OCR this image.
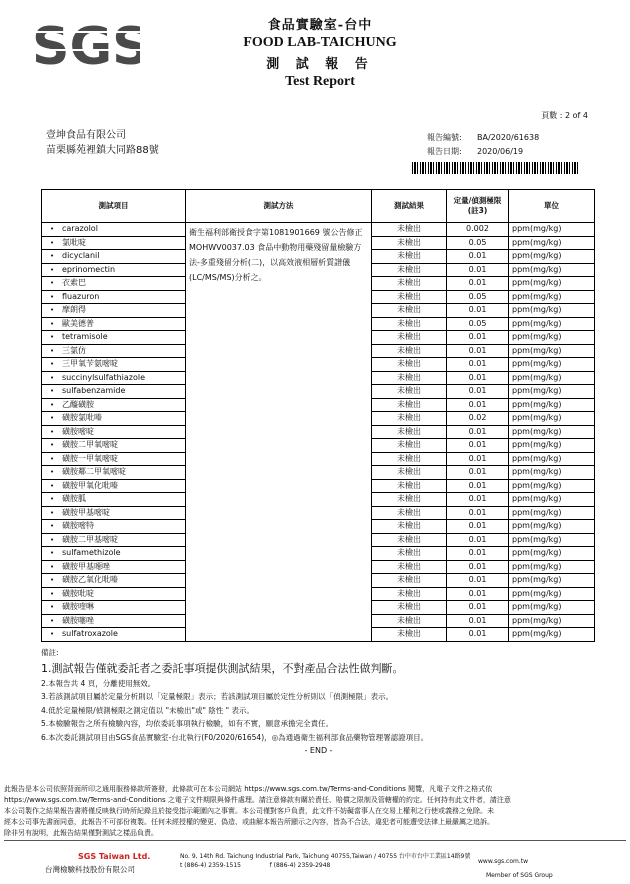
SGS	食品實驗室-台中
FOOD LAB-TAICHUNG
測 試 報 告
Test Report
頁數 : 2 of 4
壹坤食品有限公司
苗栗縣苑裡鎮大同路88號
報告編號: BA/2020/61638
報告日期: 2020/06/19
測試項目	測試方法	測試結果	定量/偵測極限(註3)	單位
• carazolol	衛生福利部衛授食字第1081901669 號公告修正MOHWV0037.03 食品中動物用藥殘留量檢驗方法-多重殘留分析(二)，以高效液相層析質譜儀(LC/MS/MS)分析之。	未檢出	0.002	ppm(mg/kg)
• 氯吡啶		未檢出	0.05	ppm(mg/kg)
• dicyclanil		未檢出	0.01	ppm(mg/kg)
• eprinomectin		未檢出	0.01	ppm(mg/kg)
• 衣索巴		未檢出	0.01	ppm(mg/kg)
• fluazuron		未檢出	0.05	ppm(mg/kg)
• 摩朗得		未檢出	0.01	ppm(mg/kg)
• 歐美德普		未檢出	0.05	ppm(mg/kg)
• tetramisole		未檢出	0.01	ppm(mg/kg)
• 三氯仿		未檢出	0.01	ppm(mg/kg)
• 三甲氧苄氨嘧啶		未檢出	0.01	ppm(mg/kg)
• succinylsulfathiazole		未檢出	0.01	ppm(mg/kg)
• sulfabenzamide		未檢出	0.01	ppm(mg/kg)
• 乙醯磺胺		未檢出	0.01	ppm(mg/kg)
• 磺胺氯吡嗪		未檢出	0.02	ppm(mg/kg)
• 磺胺嘧啶		未檢出	0.01	ppm(mg/kg)
• 磺胺二甲氧嘧啶		未檢出	0.01	ppm(mg/kg)
• 磺胺一甲氧嘧啶		未檢出	0.01	ppm(mg/kg)
• 磺胺鄰二甲氧嘧啶		未檢出	0.01	ppm(mg/kg)
• 磺胺甲氧化吡嗪		未檢出	0.01	ppm(mg/kg)
• 磺胺胍		未檢出	0.01	ppm(mg/kg)
• 磺胺甲基嘧啶		未檢出	0.01	ppm(mg/kg)
• 磺胺嘧特		未檢出	0.01	ppm(mg/kg)
• 磺胺二甲基嘧啶		未檢出	0.01	ppm(mg/kg)
• sulfamethizole		未檢出	0.01	ppm(mg/kg)
• 磺胺甲基噁唑		未檢出	0.01	ppm(mg/kg)
• 磺胺乙氧化吡嗪		未檢出	0.01	ppm(mg/kg)
• 磺胺吡啶		未檢出	0.01	ppm(mg/kg)
• 磺胺喹啉		未檢出	0.01	ppm(mg/kg)
• 磺胺噻唑		未檢出	0.01	ppm(mg/kg)
• sulfatroxazole		未檢出	0.01	ppm(mg/kg)
備註:
1.測試報告僅就委託者之委託事項提供測試結果，不對產品合法性做判斷。
2.本報告共 4 頁，分離使用無效。
3.若該測試項目屬於定量分析則以「定量極限」表示；若該測試項目屬於定性分析則以「偵測極限」表示。
4.低於定量極限/偵測極限之測定值以 "未檢出"或" 陰性 " 表示。
5.本檢驗報告之所有檢驗內容，均依委託事項執行檢驗，如有不實，願意承擔完全責任。
6.本次委託測試項目由SGS食品實驗室-台北執行(F0/2020/61654)，◎為通過衛生福利部食品藥物管理署認證項目。
- END -
此報告是本公司依照背面所印之通用服務條款所簽發，此條款可在本公司網站 https://www.sgs.com.tw/Terms-and-Conditions 閱覽，凡電子文件之格式依
https://www.sgs.com.tw/Terms-and-Conditions 之電子文件期限與條件處理。請注意條款有關於責任、賠償之限制及管轄權的約定。任何持有此文件者，請注意
本公司製作之結果報告書將僅反映執行時所紀錄且於接受指示範圍內之事實。本公司僅對客戶負責，此文件不妨礙當事人在交易上權利之行使或義務之免除。未
經本公司事先書面同意，此報告不可部份複製。任何未經授權的變更、偽造、或曲解本報告所顯示之內容，皆為不合法，違犯者可能遭受法律上最嚴厲之追訴。
除非另有說明，此報告結果僅對測試之樣品負責。
SGS Taiwan Ltd.
台灣檢驗科技股份有限公司
No. 9, 14th Rd. Taichung Industrial Park, Taichung 40755,Taiwan / 40755 台中市台中工業區14路9號
t (886-4) 2359-1515	f (886-4) 2359-2948
www.sgs.com.tw
Member of SGS Group
